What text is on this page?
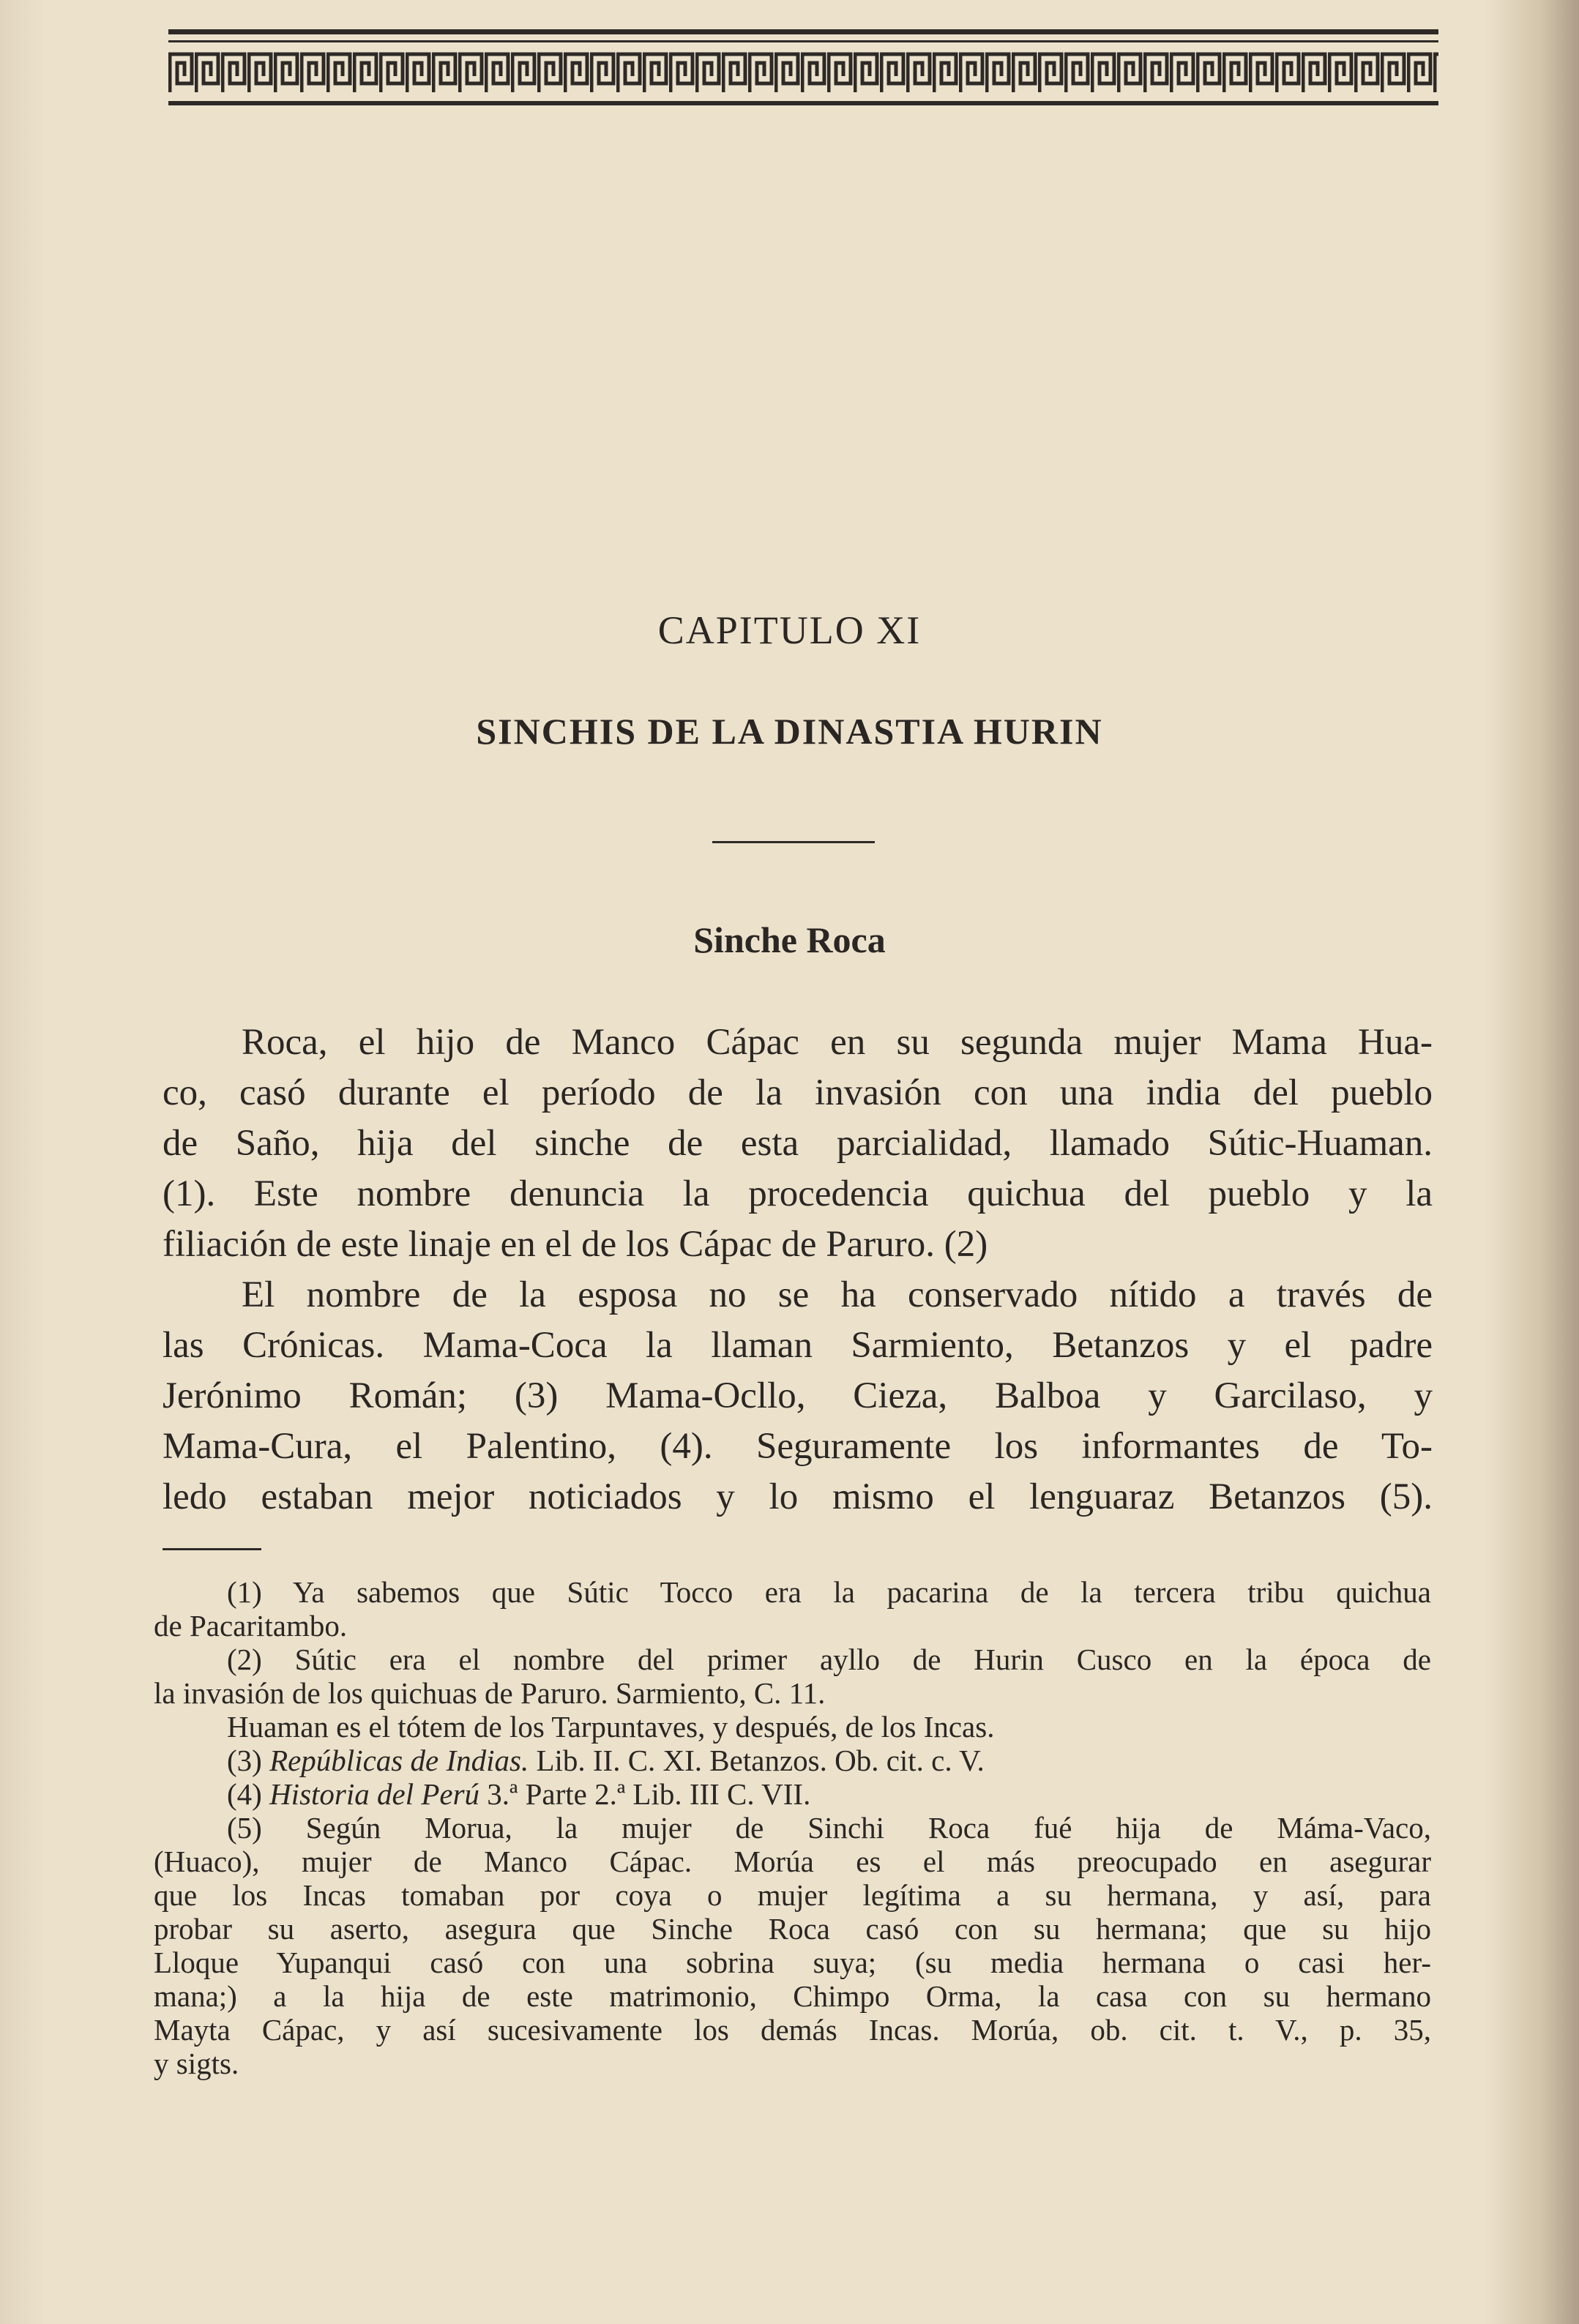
CAPITULO XI
SINCHIS DE LA DINASTIA HURIN
Sinche Roca
Roca, el hijo de Manco Cápac en su segunda mujer Mama Hua-
co, casó durante el período de la invasión con una india del pueblo
de Saño, hija del sinche de esta parcialidad, llamado Sútic-Huaman.
(1). Este nombre denuncia la procedencia quichua del pueblo y la
filiación de este linaje en el de los Cápac de Paruro. (2)
El nombre de la esposa no se ha conservado nítido a través de
las Crónicas. Mama-Coca la llaman Sarmiento, Betanzos y el padre
Jerónimo Román; (3) Mama-Ocllo, Cieza, Balboa y Garcilaso, y
Mama-Cura, el Palentino, (4). Seguramente los informantes de To-
ledo estaban mejor noticiados y lo mismo el lenguaraz Betanzos (5).
(1) Ya sabemos que Sútic Tocco era la pacarina de la tercera tribu quichua
de Pacaritambo.
(2) Sútic era el nombre del primer ayllo de Hurin Cusco en la época de
la invasión de los quichuas de Paruro. Sarmiento, C. 11.
Huaman es el tótem de los Tarpuntaves, y después, de los Incas.
(3) Repúblicas de Indias. Lib. II. C. XI. Betanzos. Ob. cit. c. V.
(4) Historia del Perú 3.ª Parte 2.ª Lib. III C. VII.
(5) Según Morua, la mujer de Sinchi Roca fué hija de Máma-Vaco,
(Huaco), mujer de Manco Cápac. Morúa es el más preocupado en asegurar
que los Incas tomaban por coya o mujer legítima a su hermana, y así, para
probar su aserto, asegura que Sinche Roca casó con su hermana; que su hijo
Lloque Yupanqui casó con una sobrina suya; (su media hermana o casi her-
mana;) a la hija de este matrimonio, Chimpo Orma, la casa con su hermano
Mayta Cápac, y así sucesivamente los demás Incas. Morúa, ob. cit. t. V., p. 35,
y sigts.
